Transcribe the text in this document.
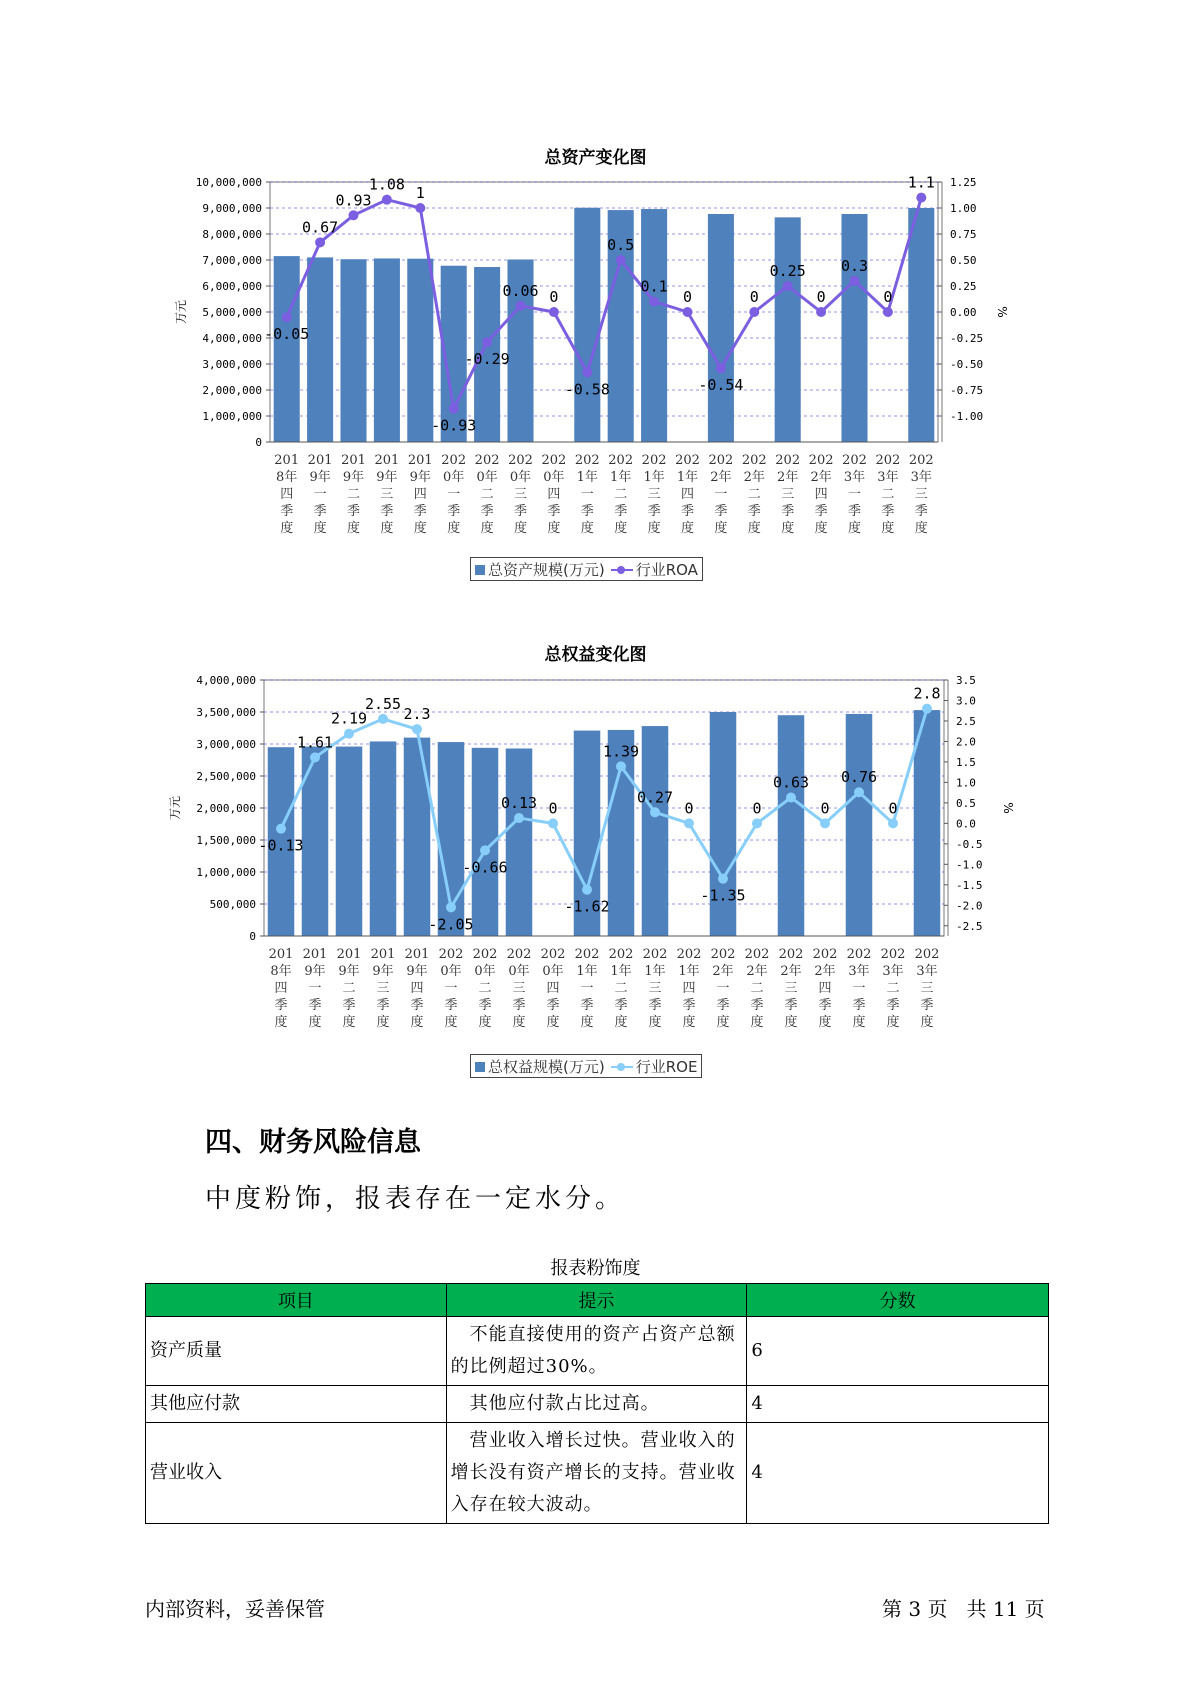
总资产变化图
0
1,000,000
2,000,000
3,000,000
4,000,000
5,000,000
6,000,000
7,000,000
8,000,000
9,000,000
10,000,000
-1.00
-0.75
-0.50
-0.25
0.00
0.25
0.50
0.75
1.00
1.25
万元	%
201
8年
四
季
度
201
9年
一
季
度
201
9年
二
季
度
201
9年
三
季
度
201
9年
四
季
度
202
0年
一
季
度
202
0年
二
季
度
202
0年
三
季
度
202
0年
四
季
度
202
1年
一
季
度
202
1年
二
季
度
202
1年
三
季
度
202
1年
四
季
度
202
2年
一
季
度
202
2年
二
季
度
202
2年
三
季
度
202
2年
四
季
度
202
3年
一
季
度
202
3年
二
季
度
202
3年
三
季
度
-0.05
0.67
0.93
1.08 1
-0.93
-0.29
0.06 0
-0.58
0.5
0.1
0
-0.54
0
0.25
0
0.3
0
1.1
总资产规模(万元)	行业ROA
总权益变化图
0
500,000
1,000,000
1,500,000
2,000,000
2,500,000
3,000,000
3,500,000
4,000,000
-2.5
-2.0
-1.5
-1.0
-0.5
0.0
0.5
1.0
1.5
2.0
2.5
3.0
3.5
万元	%
201
8年
四
季
度
201
9年
一
季
度
201
9年
二
季
度
201
9年
三
季
度
201
9年
四
季
度
202
0年
一
季
度
202
0年
二
季
度
202
0年
三
季
度
202
0年
四
季
度
202
1年
一
季
度
202
1年
二
季
度
202
1年
三
季
度
202
1年
四
季
度
202
2年
一
季
度
202
2年
二
季
度
202
2年
三
季
度
202
2年
四
季
度
202
3年
一
季
度
202
3年
二
季
度
202
3年
三
季
度
-0.13
1.61
2.19
2.55
2.3
-2.05
-0.66
0.13 0
-1.62
1.39
0.27
0
-1.35
0
0.63
0
0.76
0
2.8
总权益规模(万元)	行业ROE
四、财务风险信息
中度粉饰，报表存在一定水分。
报表粉饰度
项目	提示	分数
资产质量	　不能直接使用的资产占资产总额的比例超过30%。	6
其他应付款	　其他应付款占比过高。	4
营业收入	　营业收入增长过快。营业收入的增长没有资产增长的支持。营业收入存在较大波动。	4
内部资料，妥善保管	第 3 页   共 11 页
